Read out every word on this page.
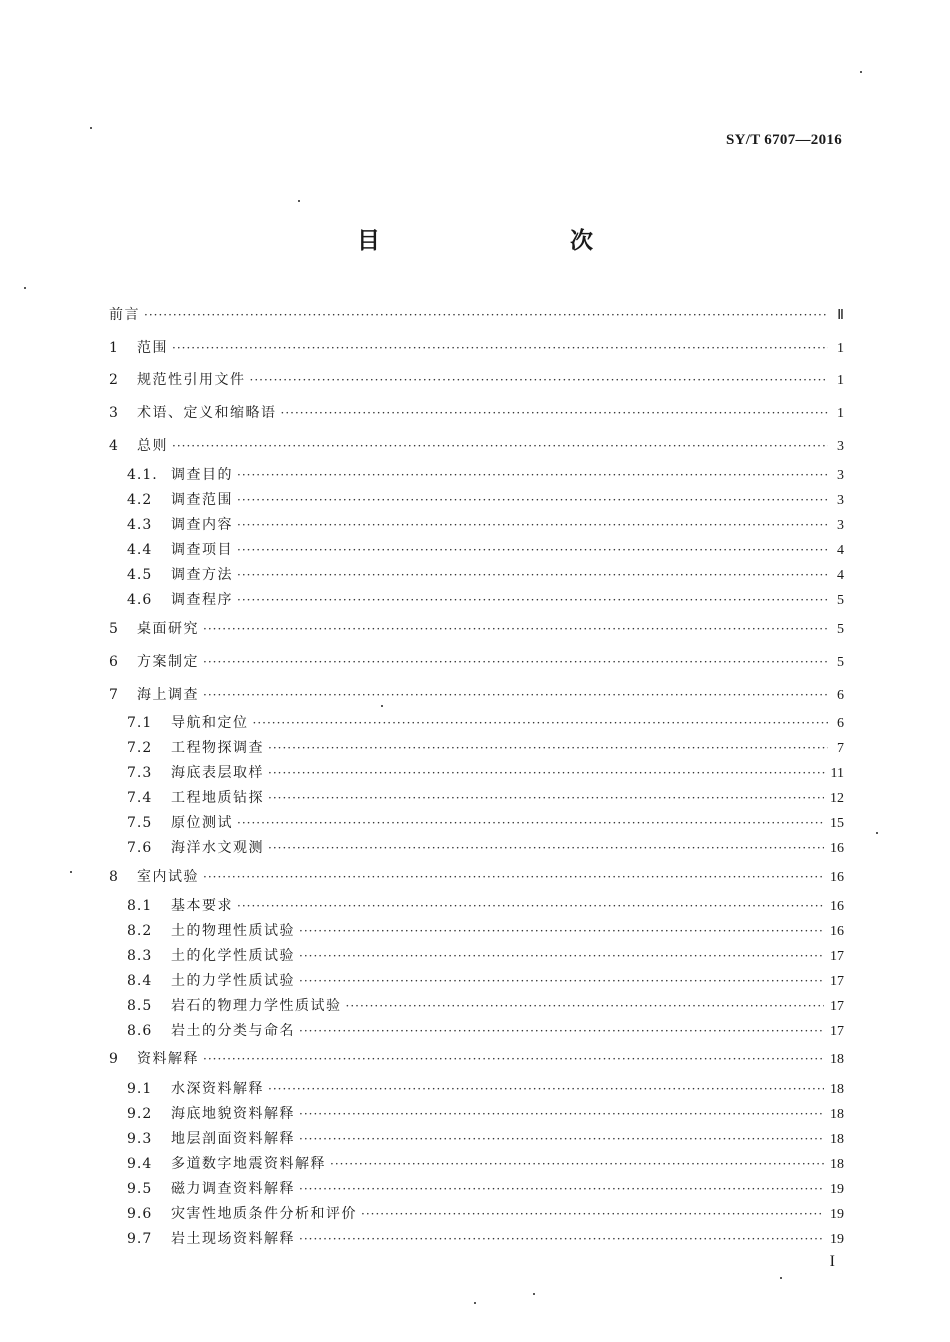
SY/T 6707—2016
目　　次
前言 ·····	Ⅱ
1	范围 ·····	1
2	规范性引用文件 ·····	1
3	术语、定义和缩略语 ·····	1
4	总则 ·····	3
4.1. 调查目的 ·····	3
4.2	调查范围 ·····	3
4.3	调查内容 ·····	3
4.4	调查项目 ·····	4
4.5	调查方法 ·····	4
4.6	调查程序 ·····	5
5	桌面研究 ·····	5
6	方案制定 ·····	5
7	海上调查 ·····	6
7.1	导航和定位 ·····	6
7.2	工程物探调查 ·····	7
7.3	海底表层取样 ·····	11
7.4	工程地质钻探 ·····	12
7.5	原位测试 ·····	15
7.6	海洋水文观测 ·····	16
8	室内试验 ·····	16
8.1	基本要求 ·····	16
8.2	土的物理性质试验 ·····	16
8.3	土的化学性质试验 ·····	17
8.4	土的力学性质试验 ·····	17
8.5	岩石的物理力学性质试验 ·····	17
8.6	岩土的分类与命名 ·····	17
9	资料解释 ·····	18
9.1	水深资料解释 ·····	18
9.2	海底地貌资料解释 ·····	18
9.3	地层剖面资料解释 ·····	18
9.4	多道数字地震资料解释 ·····	18
9.5	磁力调查资料解释 ·····	19
9.6	灾害性地质条件分析和评价 ·····	19
9.7	岩土现场资料解释 ·····	19
I
